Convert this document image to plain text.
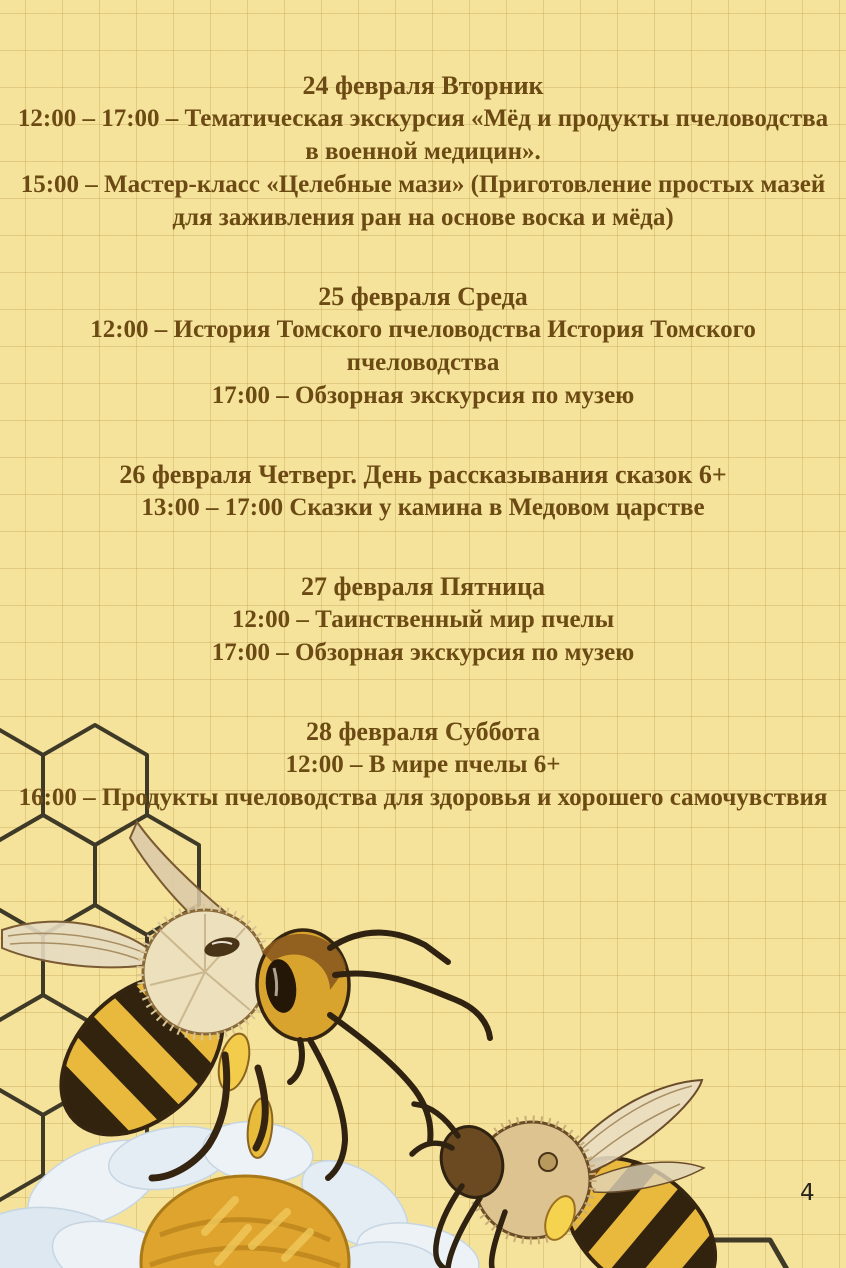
24 февраля Вторник
12:00 – 17:00 – Тематическая экскурсия «Мёд и продукты пчеловодства
в военной медицин».
15:00 – Мастер-класс «Целебные мази» (Приготовление простых мазей
для заживления ран на основе воска и мёда)
25 февраля Среда
12:00 – История Томского пчеловодства История Томского
пчеловодства
17:00 – Обзорная экскурсия по музею
26 февраля Четверг. День рассказывания сказок 6+
13:00 – 17:00 Сказки у камина в Медовом царстве
27 февраля Пятница
12:00 – Таинственный мир пчелы
17:00 – Обзорная экскурсия по музею
28 февраля Суббота
12:00 – В мире пчелы 6+
16:00 – Продукты пчеловодства для здоровья и хорошего самочувствия
4
